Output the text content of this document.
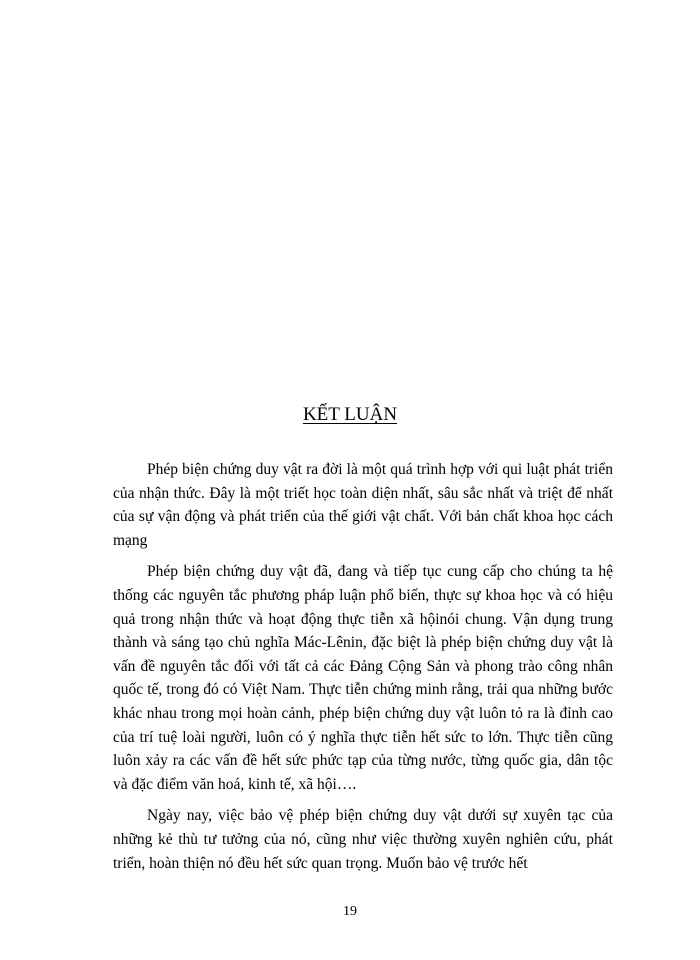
KẾT LUẬN

Phép biện chứng duy vật ra đời là một quá trình hợp với qui luật phát triển của nhận thức. Đây là một triết học toàn diện nhất, sâu sắc nhất và triệt để nhất của sự vận động và phát triển của thế giới vật chất. Với bản chất khoa học cách mạng

Phép biện chứng duy vật đã, đang và tiếp tục cung cấp cho chúng ta hệ thống các nguyên tắc phương pháp luận phổ biến, thực sự khoa học và có hiệu quả trong nhận thức và hoạt động thực tiễn xã hộinói chung. Vận dụng trung thành và sáng tạo chủ nghĩa Mác-Lênin, đặc biệt là phép biện chứng duy vật là vấn đề nguyên tắc đối với tất cả các Đảng Cộng Sản và phong trào công nhân quốc tế, trong đó có Việt Nam. Thực tiễn chứng minh rằng, trải qua những bước khác nhau trong mọi hoàn cảnh, phép biện chứng duy vật luôn tỏ ra là đỉnh cao của trí tuệ loài người, luôn có ý nghĩa thực tiễn hết sức to lớn. Thực tiễn cũng luôn xảy ra các vấn đề hết sức phức tạp của từng nước, từng quốc gia, dân tộc và đặc điểm văn hoá, kinh tế, xã hội….

Ngày nay, việc bảo vệ phép biện chứng duy vật dưới sự xuyên tạc của những kẻ thù tư tưởng của nó, cũng như việc thường xuyên nghiên cứu, phát triển, hoàn thiện nó đều hết sức quan trọng. Muốn bảo vệ trước hết

19
